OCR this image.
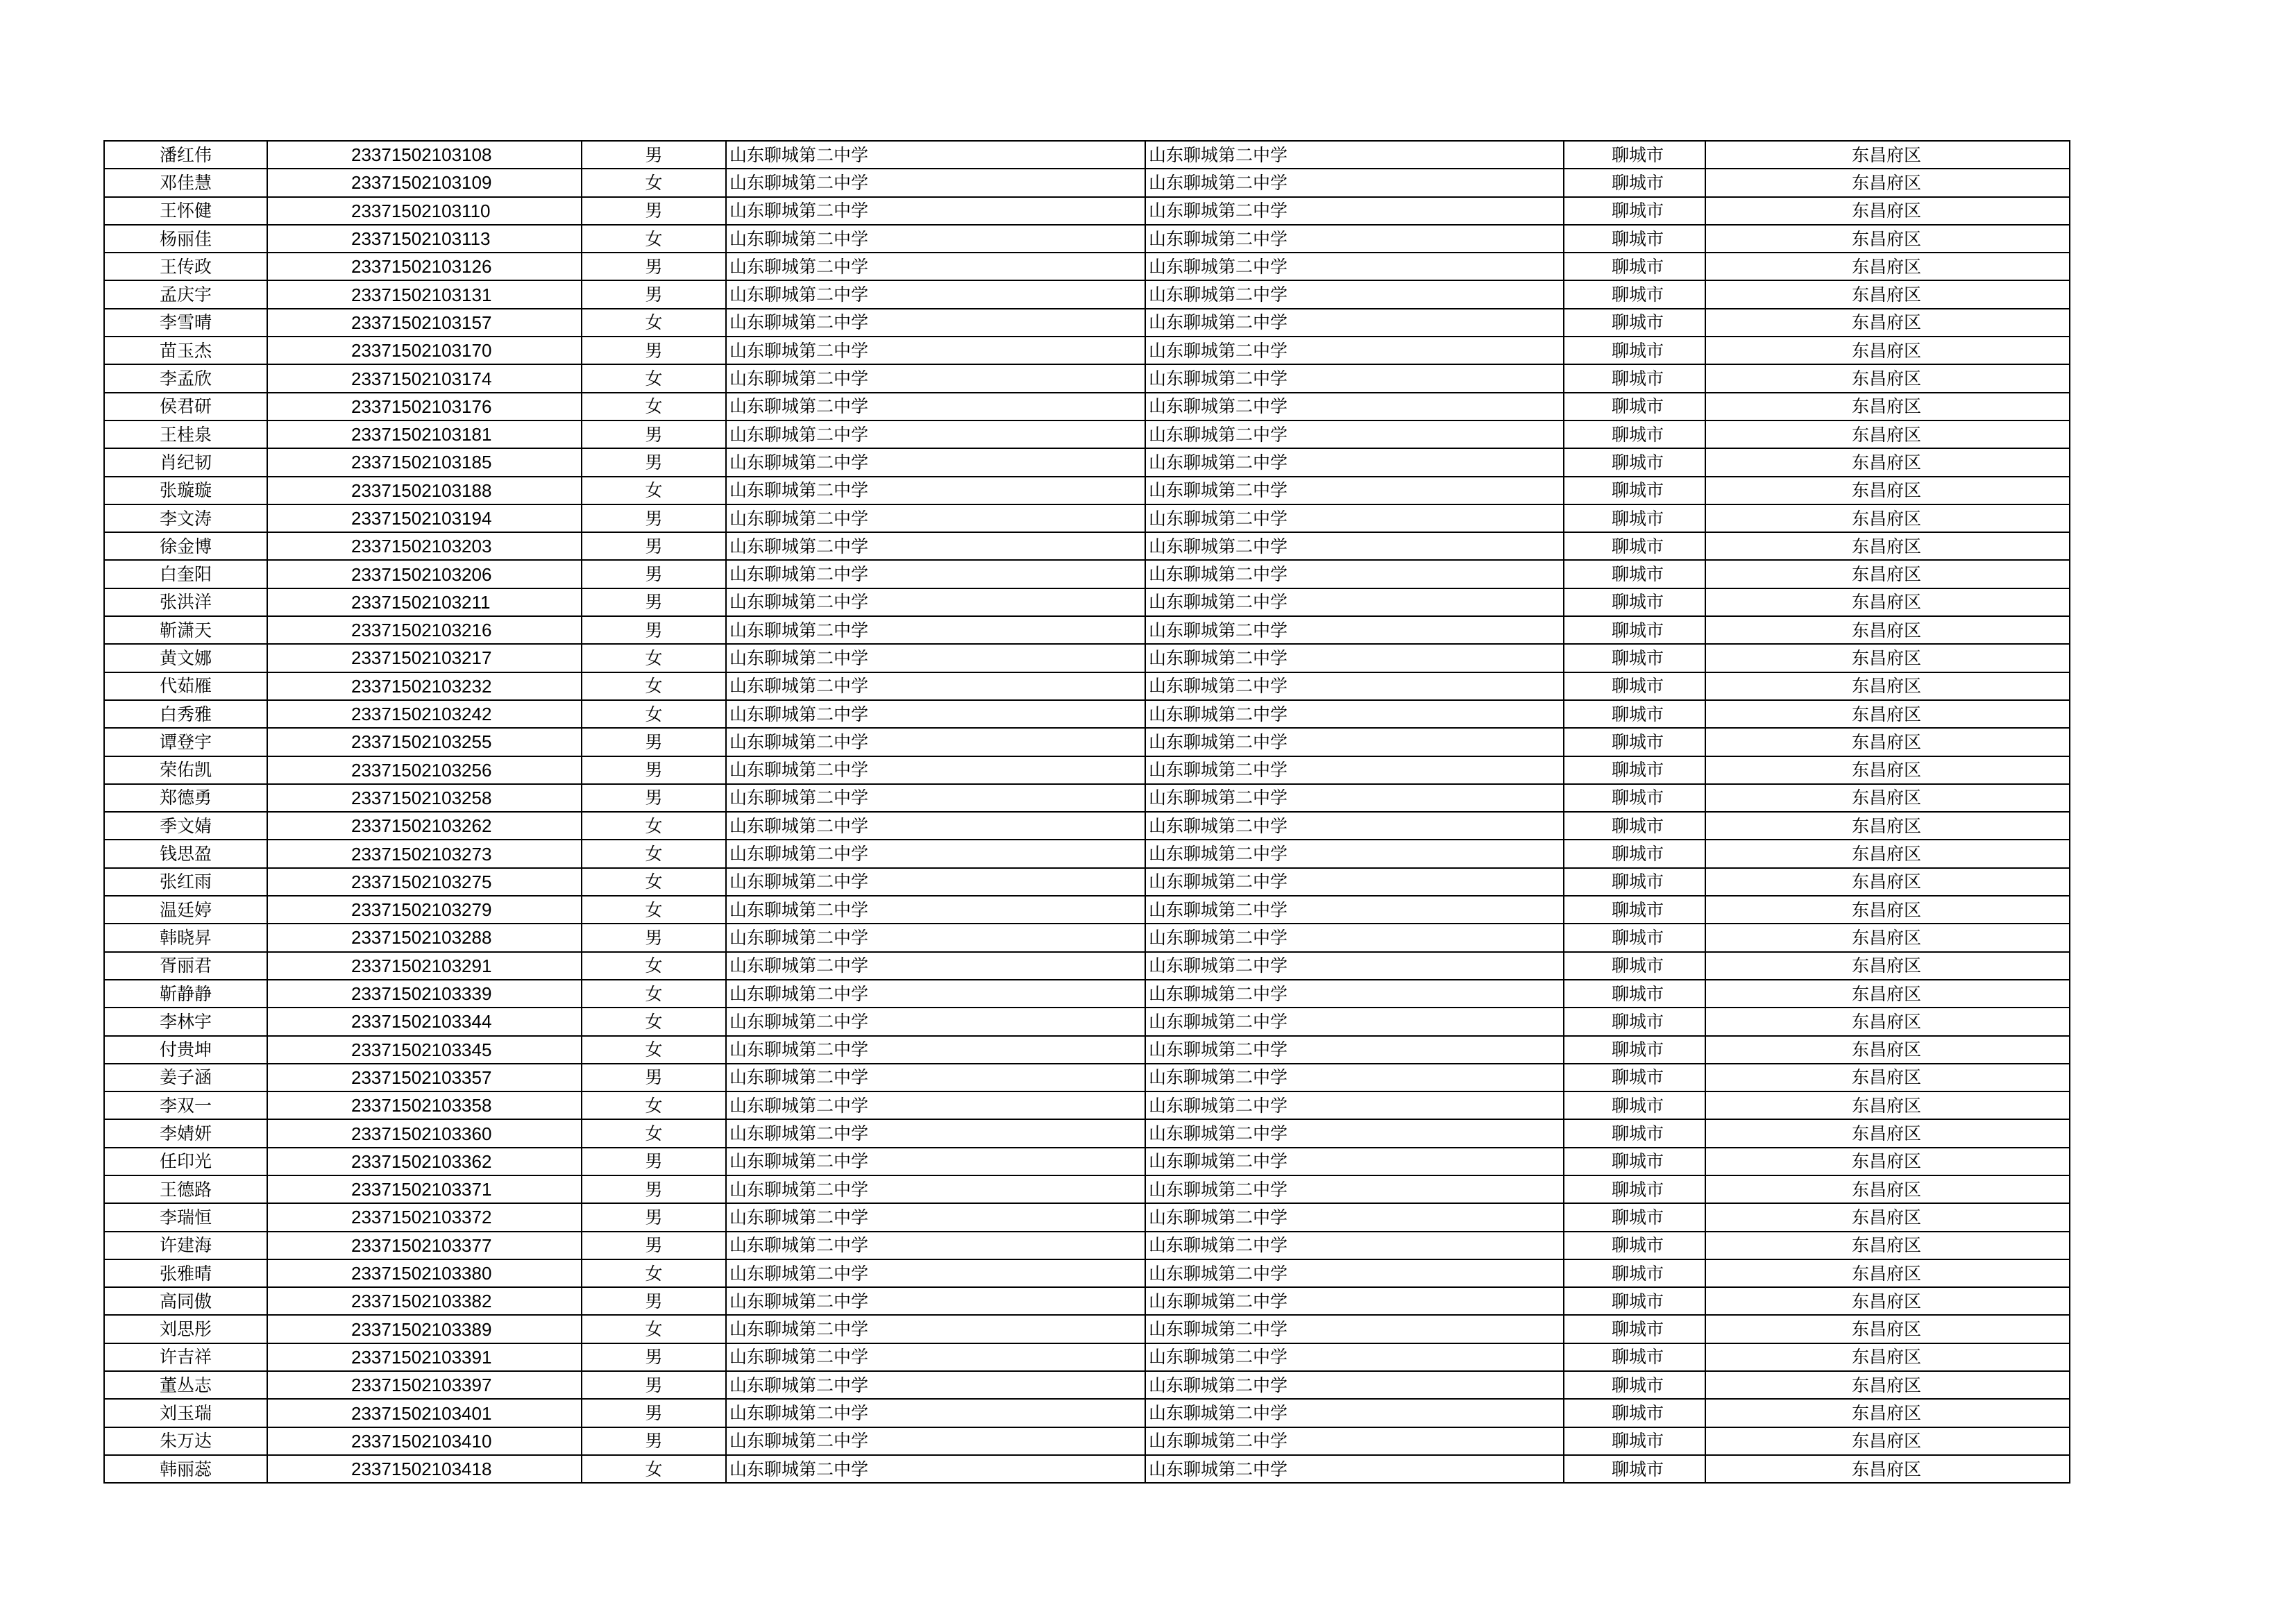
潘红伟	23371502103108	男	山东聊城第二中学	山东聊城第二中学	聊城市	东昌府区
邓佳慧	23371502103109	女	山东聊城第二中学	山东聊城第二中学	聊城市	东昌府区
王怀健	23371502103110	男	山东聊城第二中学	山东聊城第二中学	聊城市	东昌府区
杨丽佳	23371502103113	女	山东聊城第二中学	山东聊城第二中学	聊城市	东昌府区
王传政	23371502103126	男	山东聊城第二中学	山东聊城第二中学	聊城市	东昌府区
孟庆宇	23371502103131	男	山东聊城第二中学	山东聊城第二中学	聊城市	东昌府区
李雪晴	23371502103157	女	山东聊城第二中学	山东聊城第二中学	聊城市	东昌府区
苗玉杰	23371502103170	男	山东聊城第二中学	山东聊城第二中学	聊城市	东昌府区
李孟欣	23371502103174	女	山东聊城第二中学	山东聊城第二中学	聊城市	东昌府区
侯君研	23371502103176	女	山东聊城第二中学	山东聊城第二中学	聊城市	东昌府区
王桂泉	23371502103181	男	山东聊城第二中学	山东聊城第二中学	聊城市	东昌府区
肖纪韧	23371502103185	男	山东聊城第二中学	山东聊城第二中学	聊城市	东昌府区
张璇璇	23371502103188	女	山东聊城第二中学	山东聊城第二中学	聊城市	东昌府区
李文涛	23371502103194	男	山东聊城第二中学	山东聊城第二中学	聊城市	东昌府区
徐金博	23371502103203	男	山东聊城第二中学	山东聊城第二中学	聊城市	东昌府区
白奎阳	23371502103206	男	山东聊城第二中学	山东聊城第二中学	聊城市	东昌府区
张洪洋	23371502103211	男	山东聊城第二中学	山东聊城第二中学	聊城市	东昌府区
靳潇天	23371502103216	男	山东聊城第二中学	山东聊城第二中学	聊城市	东昌府区
黄文娜	23371502103217	女	山东聊城第二中学	山东聊城第二中学	聊城市	东昌府区
代茹雁	23371502103232	女	山东聊城第二中学	山东聊城第二中学	聊城市	东昌府区
白秀雅	23371502103242	女	山东聊城第二中学	山东聊城第二中学	聊城市	东昌府区
谭登宇	23371502103255	男	山东聊城第二中学	山东聊城第二中学	聊城市	东昌府区
荣佑凯	23371502103256	男	山东聊城第二中学	山东聊城第二中学	聊城市	东昌府区
郑德勇	23371502103258	男	山东聊城第二中学	山东聊城第二中学	聊城市	东昌府区
季文婧	23371502103262	女	山东聊城第二中学	山东聊城第二中学	聊城市	东昌府区
钱思盈	23371502103273	女	山东聊城第二中学	山东聊城第二中学	聊城市	东昌府区
张红雨	23371502103275	女	山东聊城第二中学	山东聊城第二中学	聊城市	东昌府区
温廷婷	23371502103279	女	山东聊城第二中学	山东聊城第二中学	聊城市	东昌府区
韩晓昇	23371502103288	男	山东聊城第二中学	山东聊城第二中学	聊城市	东昌府区
胥丽君	23371502103291	女	山东聊城第二中学	山东聊城第二中学	聊城市	东昌府区
靳静静	23371502103339	女	山东聊城第二中学	山东聊城第二中学	聊城市	东昌府区
李林宇	23371502103344	女	山东聊城第二中学	山东聊城第二中学	聊城市	东昌府区
付贵坤	23371502103345	女	山东聊城第二中学	山东聊城第二中学	聊城市	东昌府区
姜子涵	23371502103357	男	山东聊城第二中学	山东聊城第二中学	聊城市	东昌府区
李双一	23371502103358	女	山东聊城第二中学	山东聊城第二中学	聊城市	东昌府区
李婧妍	23371502103360	女	山东聊城第二中学	山东聊城第二中学	聊城市	东昌府区
任印光	23371502103362	男	山东聊城第二中学	山东聊城第二中学	聊城市	东昌府区
王德路	23371502103371	男	山东聊城第二中学	山东聊城第二中学	聊城市	东昌府区
李瑞恒	23371502103372	男	山东聊城第二中学	山东聊城第二中学	聊城市	东昌府区
许建海	23371502103377	男	山东聊城第二中学	山东聊城第二中学	聊城市	东昌府区
张雅晴	23371502103380	女	山东聊城第二中学	山东聊城第二中学	聊城市	东昌府区
高同傲	23371502103382	男	山东聊城第二中学	山东聊城第二中学	聊城市	东昌府区
刘思彤	23371502103389	女	山东聊城第二中学	山东聊城第二中学	聊城市	东昌府区
许吉祥	23371502103391	男	山东聊城第二中学	山东聊城第二中学	聊城市	东昌府区
董丛志	23371502103397	男	山东聊城第二中学	山东聊城第二中学	聊城市	东昌府区
刘玉瑞	23371502103401	男	山东聊城第二中学	山东聊城第二中学	聊城市	东昌府区
朱万达	23371502103410	男	山东聊城第二中学	山东聊城第二中学	聊城市	东昌府区
韩丽蕊	23371502103418	女	山东聊城第二中学	山东聊城第二中学	聊城市	东昌府区
